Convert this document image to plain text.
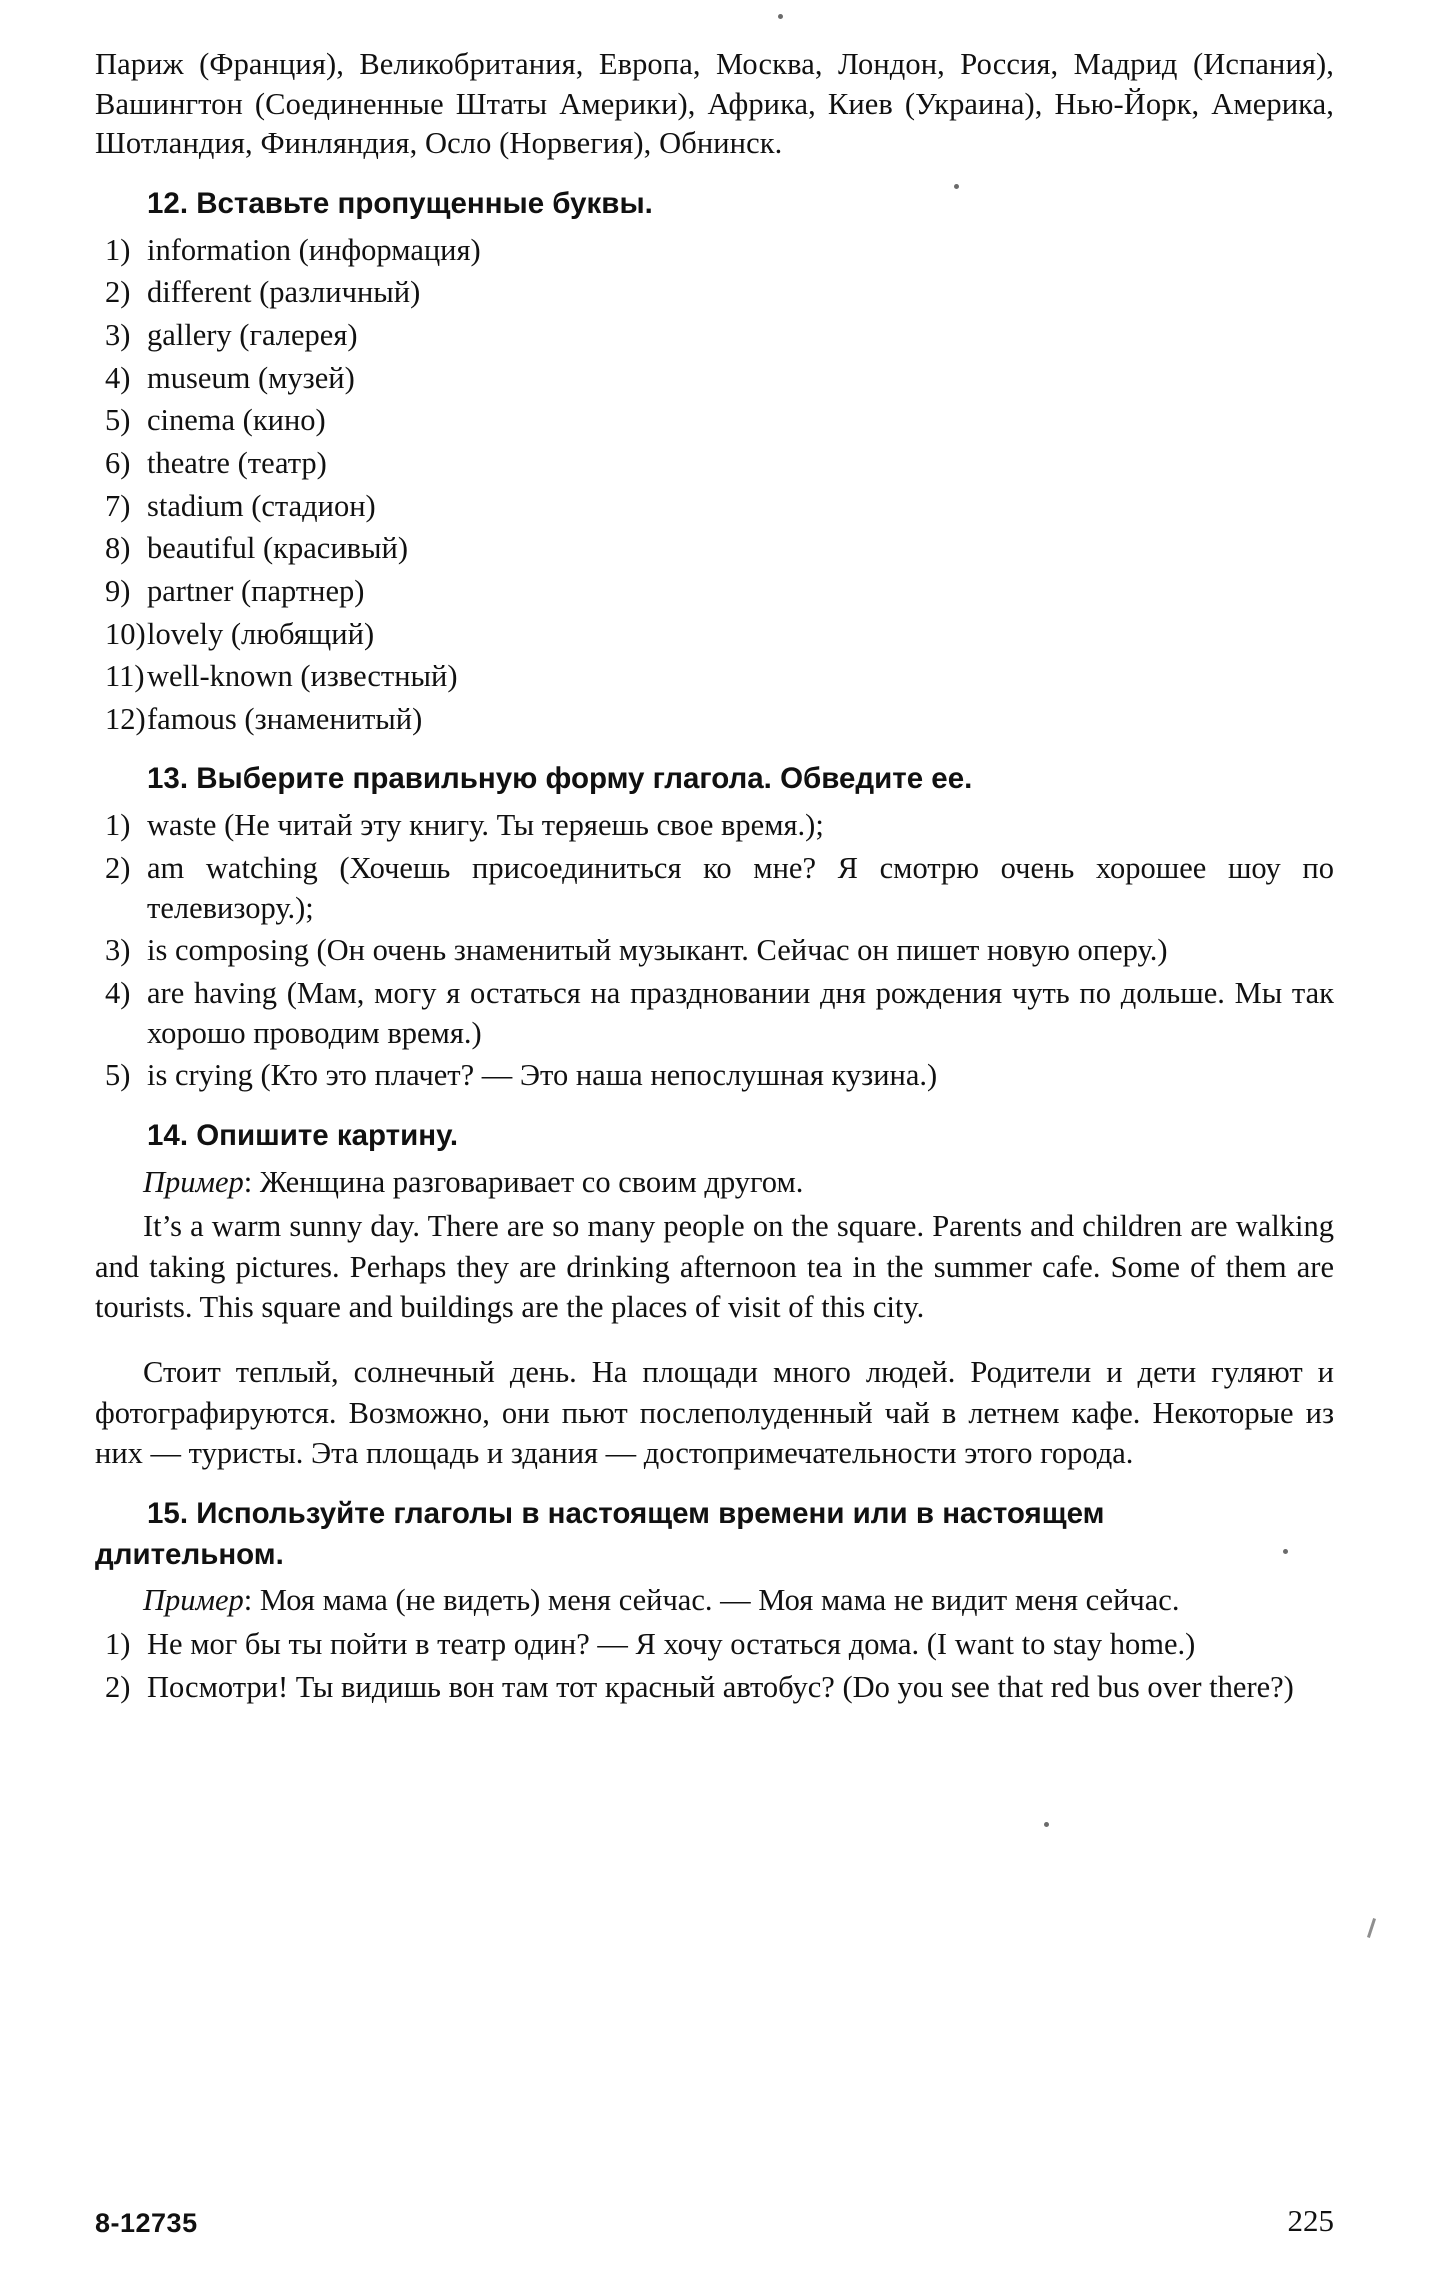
Париж (Франция), Великобритания, Европа, Москва, Лондон, Россия, Мадрид (Испания), Вашингтон (Соединенные Штаты Америки), Африка, Киев (Украина), Нью-Йорк, Америка, Шотландия, Финляндия, Осло (Норвегия), Обнинск.

12. Вставьте пропущенные буквы.
1) information (информация)
2) different (различный)
3) gallery (галерея)
4) museum (музей)
5) cinema (кино)
6) theatre (театр)
7) stadium (стадион)
8) beautiful (красивый)
9) partner (партнер)
10) lovely (любящий)
11) well-known (известный)
12) famous (знаменитый)
13. Выберите правильную форму глагола. Обведите ее.
1) waste (Не читай эту книгу. Ты теряешь свое время.);
2) am watching (Хочешь присоединиться ко мне? Я смотрю очень хорошее шоу по телевизору.);
3) is composing (Он очень знаменитый музыкант. Сейчас он пишет новую оперу.)
4) are having (Мам, могу я остаться на праздновании дня рождения чуть по дольше. Мы так хорошо проводим время.)
5) is crying (Кто это плачет? — Это наша непослушная кузина.)
14. Опишите картину.

Пример: Женщина разговаривает со своим другом.

It’s a warm sunny day. There are so many people on the square. Parents and children are walking and taking pictures. Perhaps they are drinking afternoon tea in the summer cafe. Some of them are tourists. This square and buildings are the places of visit of this city.

Стоит теплый, солнечный день. На площади много людей. Родители и дети гуляют и фотографируются. Возможно, они пьют послеполуденный чай в летнем кафе. Некоторые из них — туристы. Эта площадь и здания — достопримечательности этого города.

15. Используйте глаголы в настоящем времени или в настоящем
длительном.

Пример: Моя мама (не видеть) меня сейчас. — Моя мама не видит меня сейчас.

1) Не мог бы ты пойти в театр один? — Я хочу остаться дома. (I want to stay home.)
2) Посмотри! Ты видишь вон там тот красный автобус? (Do you see that red bus over there?)
8-12735	225
